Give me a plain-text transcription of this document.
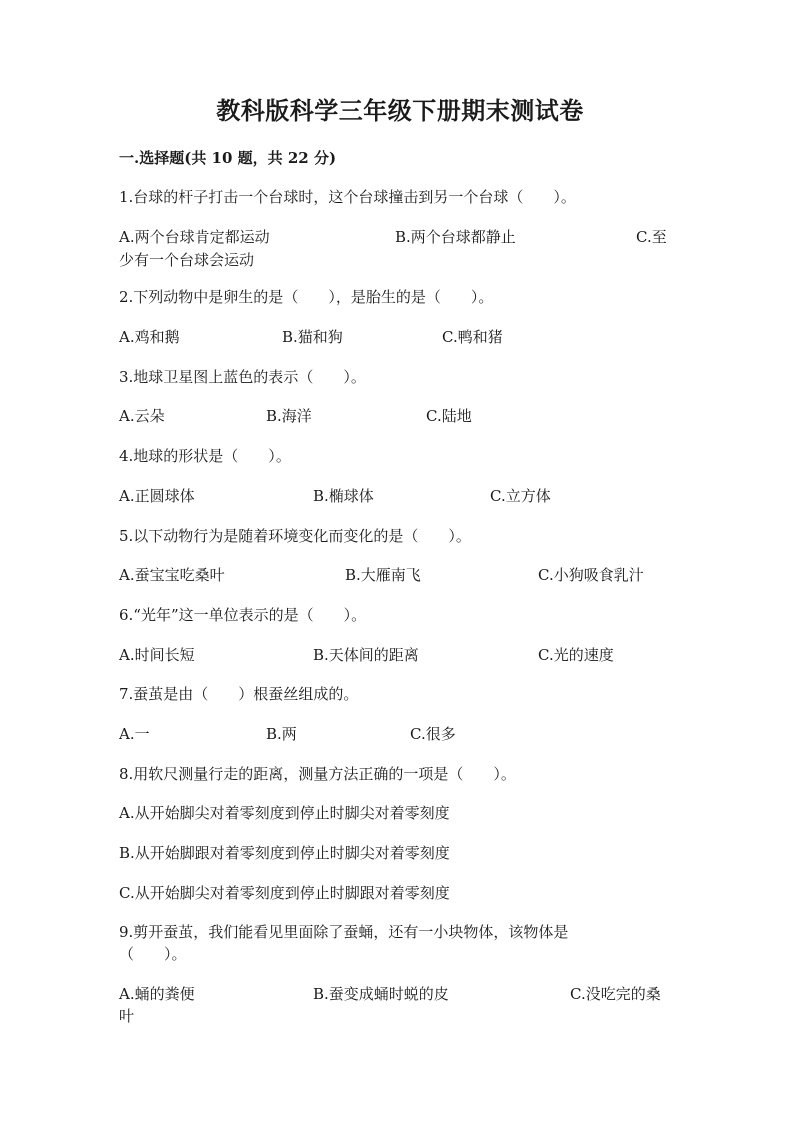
教科版科学三年级下册期末测试卷
一.选择题(共 10 题，共 22 分)
1.台球的杆子打击一个台球时，这个台球撞击到另一个台球（　　）。
A.两个台球肯定都运动	B.两个台球都静止	C.至
少有一个台球会运动
2.下列动物中是卵生的是（　　），是胎生的是（　　）。
A.鸡和鹅	B.猫和狗	C.鸭和猪
3.地球卫星图上蓝色的表示（　　）。
A.云朵	B.海洋	C.陆地
4.地球的形状是（　　）。
A.正圆球体	B.椭球体	C.立方体
5.以下动物行为是随着环境变化而变化的是（　　）。
A.蚕宝宝吃桑叶	B.大雁南飞	C.小狗吸食乳汁
6.“光年”这一单位表示的是（　　）。
A.时间长短	B.天体间的距离	C.光的速度
7.蚕茧是由（　　）根蚕丝组成的。
A.一	B.两	C.很多
8.用软尺测量行走的距离，测量方法正确的一项是（　　）。
A.从开始脚尖对着零刻度到停止时脚尖对着零刻度
B.从开始脚跟对着零刻度到停止时脚尖对着零刻度
C.从开始脚尖对着零刻度到停止时脚跟对着零刻度
9.剪开蚕茧，我们能看见里面除了蚕蛹，还有一小块物体，该物体是
（　　）。
A.蛹的粪便	B.蚕变成蛹时蜕的皮	C.没吃完的桑
叶
